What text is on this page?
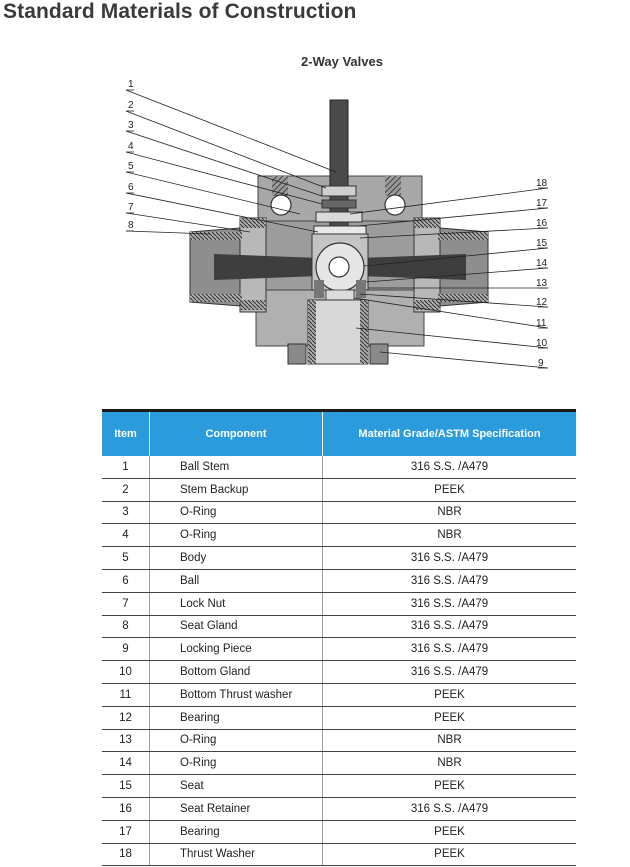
Standard Materials of Construction
2-Way Valves
1
2
3
4
5
6
7
8
9
10
11
12
13
14
15
16
17
18
Item	Component	Material Grade/ASTM Specification
1	Ball Stem	316 S.S. /A479
2	Stem Backup	PEEK
3	O-Ring	NBR
4	O-Ring	NBR
5	Body	316 S.S. /A479
6	Ball	316 S.S. /A479
7	Lock Nut	316 S.S. /A479
8	Seat Gland	316 S.S. /A479
9	Locking Piece	316 S.S. /A479
10	Bottom Gland	316 S.S. /A479
11	Bottom Thrust washer	PEEK
12	Bearing	PEEK
13	O-Ring	NBR
14	O-Ring	NBR
15	Seat	PEEK
16	Seat Retainer	316 S.S. /A479
17	Bearing	PEEK
18	Thrust Washer	PEEK
